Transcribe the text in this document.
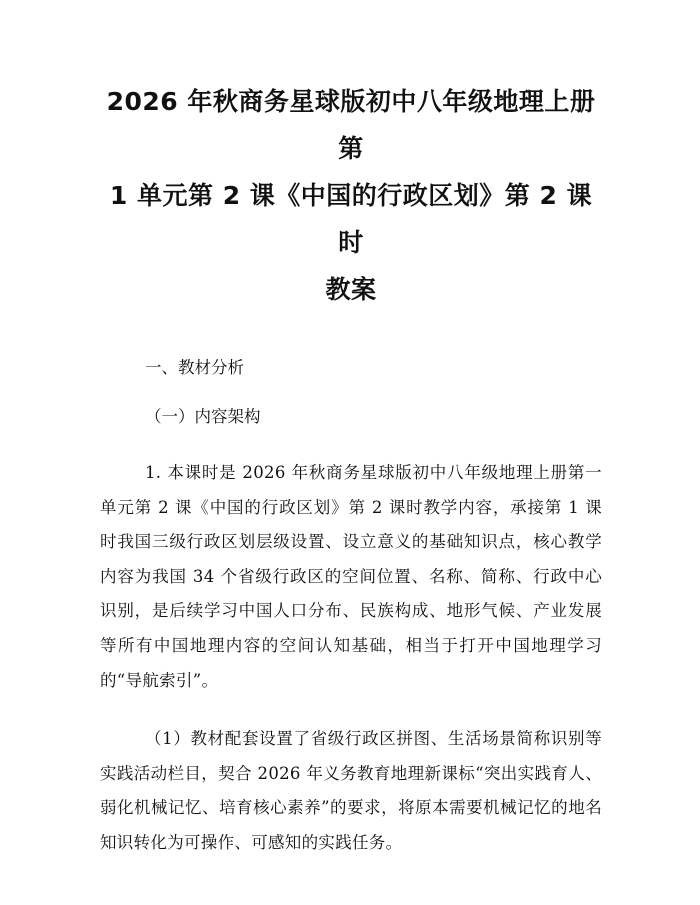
2026 年秋商务星球版初中八年级地理上册第
1 单元第 2 课《中国的行政区划》第 2 课时
教案

一、教材分析

（一）内容架构

1. 本课时是 2026 年秋商务星球版初中八年级地理上册第一单元第 2 课《中国的行政区划》第 2 课时教学内容，承接第 1 课时我国三级行政区划层级设置、设立意义的基础知识点，核心教学内容为我国 34 个省级行政区的空间位置、名称、简称、行政中心识别，是后续学习中国人口分布、民族构成、地形气候、产业发展等所有中国地理内容的空间认知基础，相当于打开中国地理学习的“导航索引”。

（1）教材配套设置了省级行政区拼图、生活场景简称识别等实践活动栏目，契合 2026 年义务教育地理新课标“突出实践育人、弱化机械记忆、培育核心素养”的要求，将原本需要机械记忆的地名知识转化为可操作、可感知的实践任务。
